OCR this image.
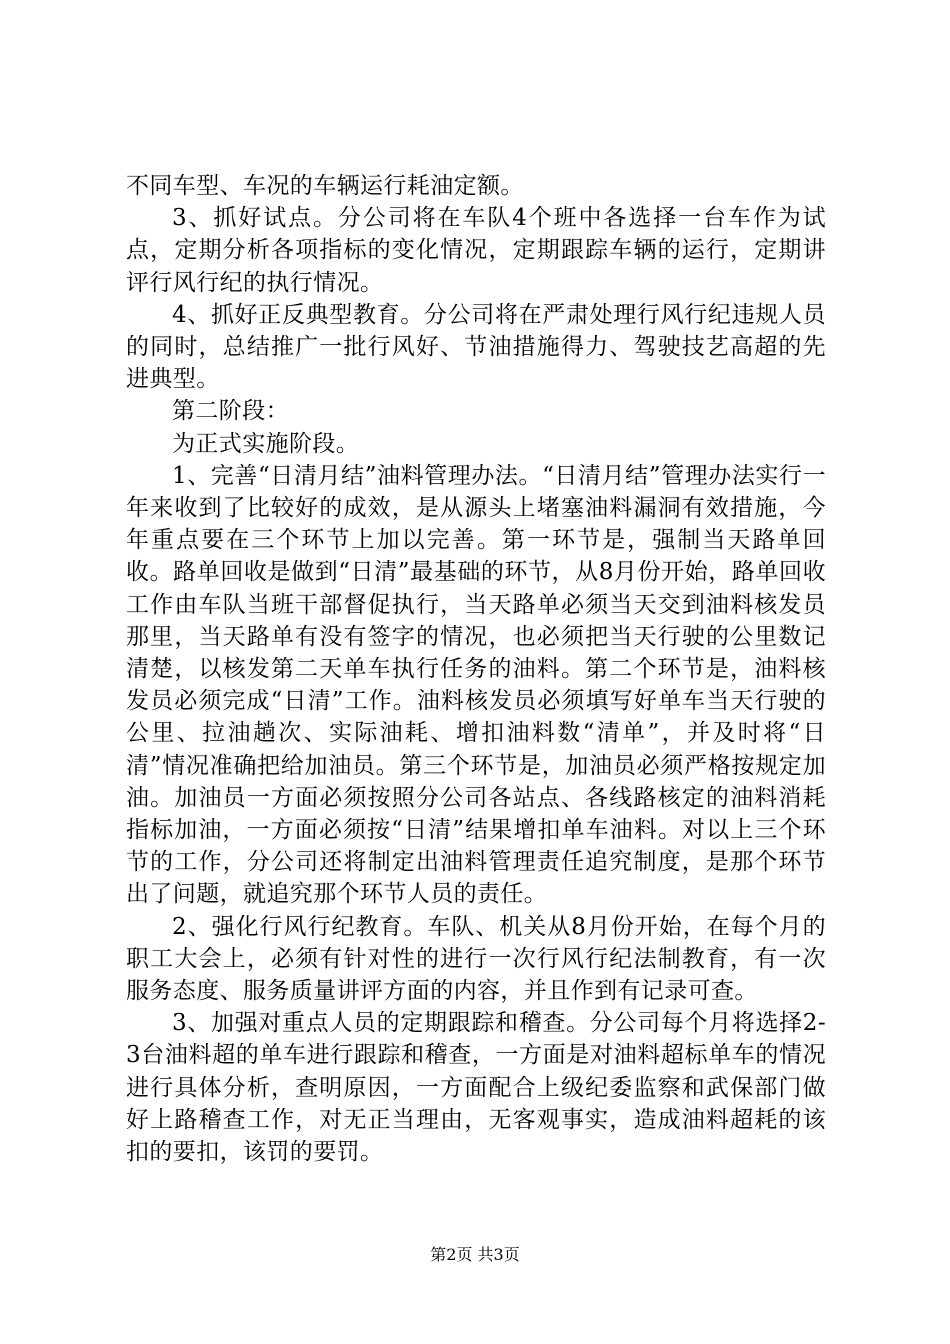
不同车型、车况的车辆运行耗油定额。

3、抓好试点。分公司将在车队4个班中各选择一台车作为试点，定期分析各项指标的变化情况，定期跟踪车辆的运行，定期讲评行风行纪的执行情况。

4、抓好正反典型教育。分公司将在严肃处理行风行纪违规人员的同时，总结推广一批行风好、节油措施得力、驾驶技艺高超的先进典型。

第二阶段：

为正式实施阶段。

1、完善“日清月结”油料管理办法。“日清月结”管理办法实行一年来收到了比较好的成效，是从源头上堵塞油料漏洞有效措施，今年重点要在三个环节上加以完善。第一环节是，强制当天路单回收。路单回收是做到“日清”最基础的环节，从8月份开始，路单回收工作由车队当班干部督促执行，当天路单必须当天交到油料核发员那里，当天路单有没有签字的情况，也必须把当天行驶的公里数记清楚，以核发第二天单车执行任务的油料。第二个环节是，油料核发员必须完成“日清”工作。油料核发员必须填写好单车当天行驶的公里、拉油趟次、实际油耗、增扣油料数“清单”，并及时将“日清”情况准确把给加油员。第三个环节是，加油员必须严格按规定加油。加油员一方面必须按照分公司各站点、各线路核定的油料消耗指标加油，一方面必须按“日清”结果增扣单车油料。对以上三个环节的工作，分公司还将制定出油料管理责任追究制度，是那个环节出了问题，就追究那个环节人员的责任。

2、强化行风行纪教育。车队、机关从8月份开始，在每个月的职工大会上，必须有针对性的进行一次行风行纪法制教育，有一次服务态度、服务质量讲评方面的内容，并且作到有记录可查。

3、加强对重点人员的定期跟踪和稽查。分公司每个月将选择2-3台油料超的单车进行跟踪和稽查，一方面是对油料超标单车的情况进行具体分析，查明原因，一方面配合上级纪委监察和武保部门做好上路稽查工作，对无正当理由，无客观事实，造成油料超耗的该扣的要扣，该罚的要罚。

第2页 共3页
